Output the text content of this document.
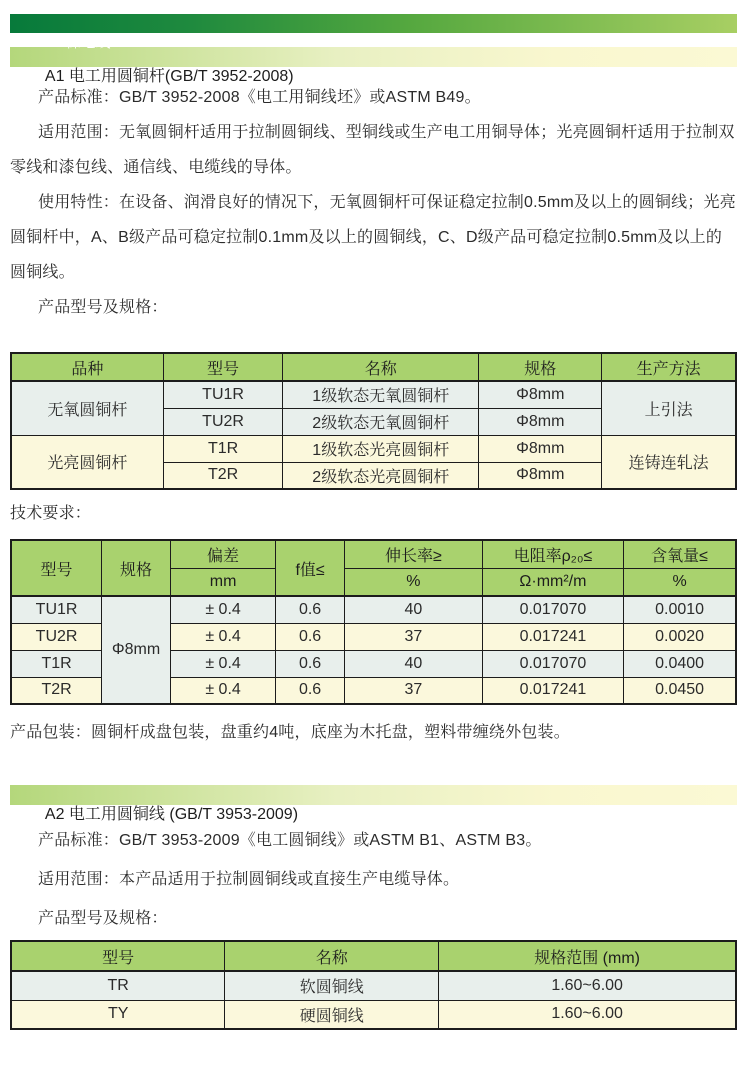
A   裸电线

A1 电工用圆铜杆(GB/T 3952-2008)

产品标准：GB/T 3952-2008《电工用铜线坯》或ASTM B49。

适用范围：无氧圆铜杆适用于拉制圆铜线、型铜线或生产电工用铜导体；光亮圆铜杆适用于拉制双零线和漆包线、通信线、电缆线的导体。

使用特性：在设备、润滑良好的情况下，无氧圆铜杆可保证稳定拉制0.5mm及以上的圆铜线；光亮圆铜杆中，A、B级产品可稳定拉制0.1mm及以上的圆铜线，C、D级产品可稳定拉制0.5mm及以上的圆铜线。

产品型号及规格：

品种	型号	名称	规格	生产方法
无氧圆铜杆	TU1R	1级软态无氧圆铜杆	Φ8mm	上引法
	TU2R	2级软态无氧圆铜杆	Φ8mm	
光亮圆铜杆	T1R	1级软态光亮圆铜杆	Φ8mm	连铸连轧法
	T2R	2级软态光亮圆铜杆	Φ8mm	

技术要求：

型号	规格	偏差	f值≤	伸长率≥	电阻率ρ₂₀≤	含氧量≤
		mm		%	Ω·mm²/m	%
TU1R	Φ8mm	± 0.4	0.6	40	0.017070	0.0010
TU2R		± 0.4	0.6	37	0.017241	0.0020
T1R		± 0.4	0.6	40	0.017070	0.0400
T2R		± 0.4	0.6	37	0.017241	0.0450

产品包装：圆铜杆成盘包装，盘重约4吨，底座为木托盘，塑料带缠绕外包装。

A2 电工用圆铜线 (GB/T 3953-2009)

产品标准：GB/T 3953-2009《电工圆铜线》或ASTM B1、ASTM B3。

适用范围：本产品适用于拉制圆铜线或直接生产电缆导体。

产品型号及规格：

型号	名称	规格范围 (mm)
TR	软圆铜线	1.60~6.00
TY	硬圆铜线	1.60~6.00
